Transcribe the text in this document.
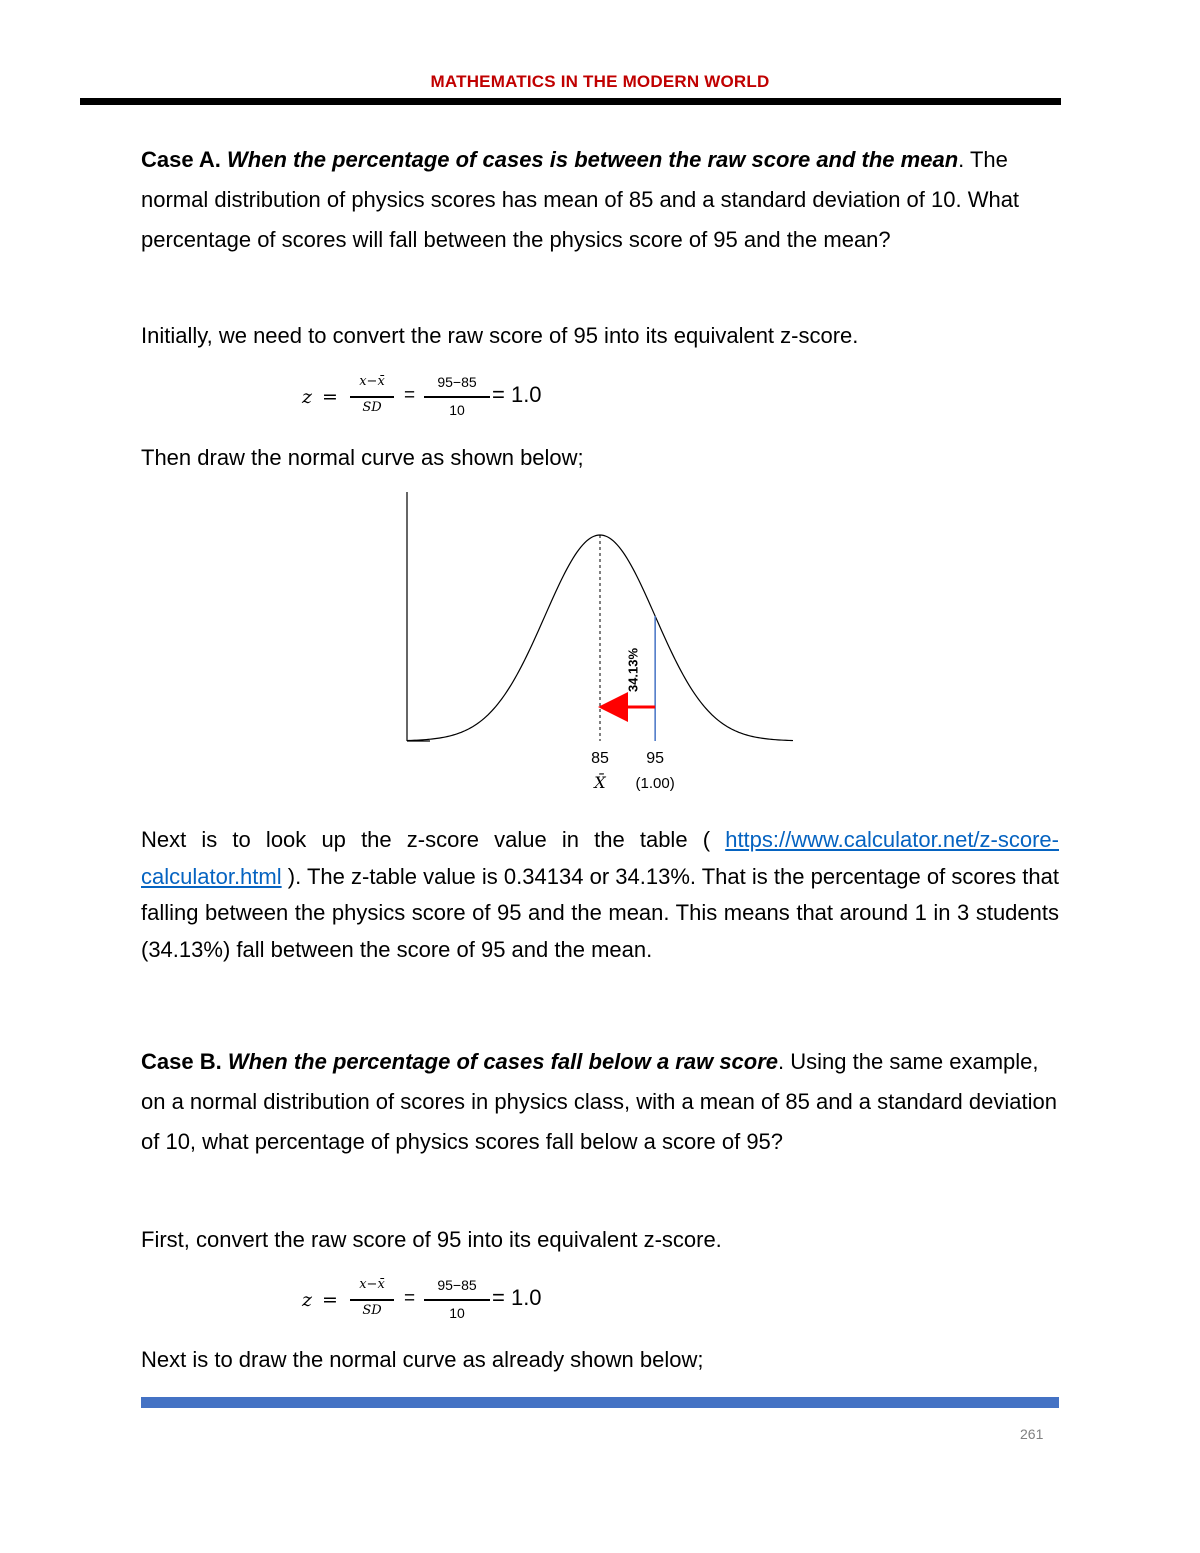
MATHEMATICS IN THE MODERN WORLD
Case A. When the percentage of cases is between the raw score and the mean. The normal distribution of physics scores has mean of 85 and a standard deviation of 10. What percentage of scores will fall between the physics score of 95 and the mean?
Initially, we need to convert the raw score of 95 into its equivalent z-score.
z =
x−x̄
SD
=
95−85
10
= 1.0
Then draw the normal curve as shown below;
34.13%
85 95
X̄ (1.00)
Next is to look up the z-score value in the table ( https://www.calculator.net/z-score-calculator.html ). The z-table value is 0.34134 or 34.13%. That is the percentage of scores that falling between the physics score of 95 and the mean. This means that around 1 in 3 students (34.13%) fall between the score of 95 and the mean.
Case B. When the percentage of cases fall below a raw score. Using the same example, on a normal distribution of scores in physics class, with a mean of 85 and a standard deviation of 10, what percentage of physics scores fall below a score of 95?
First, convert the raw score of 95 into its equivalent z-score.
z =
x−x̄
SD
=
95−85
10
= 1.0
Next is to draw the normal curve as already shown below;
261
